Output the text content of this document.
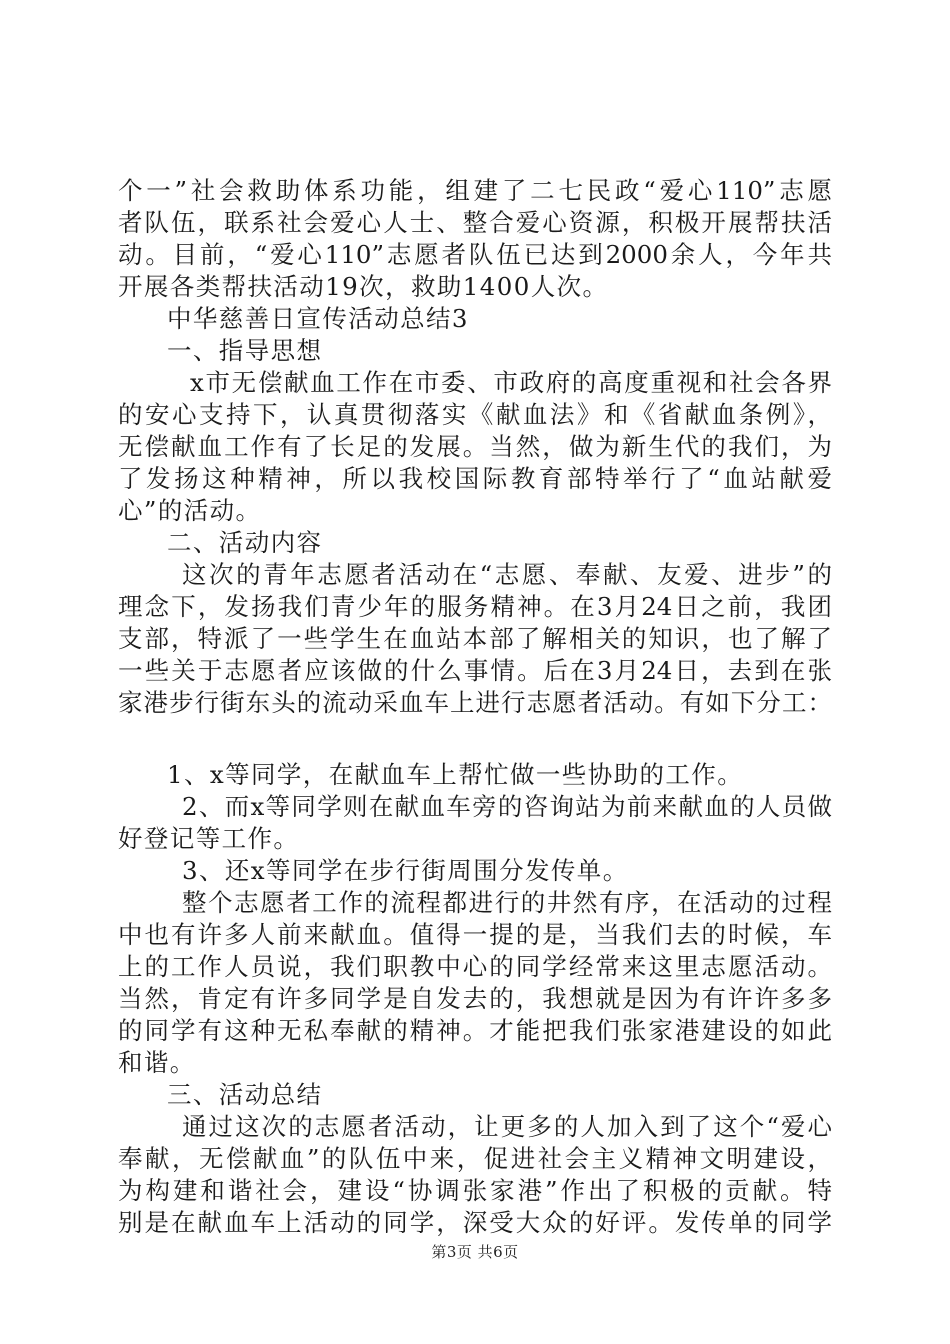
个一”社会救助体系功能，组建了二七民政“爱心110”志愿
者队伍，联系社会爱心人士、整合爱心资源，积极开展帮扶活
动。目前，“爱心110”志愿者队伍已达到2000余人，今年共
开展各类帮扶活动19次，救助1400人次。
中华慈善日宣传活动总结3
一、指导思想
x市无偿献血工作在市委、市政府的高度重视和社会各界
的安心支持下，认真贯彻落实《献血法》和《省献血条例》，
无偿献血工作有了长足的发展。当然，做为新生代的我们，为
了发扬这种精神，所以我校国际教育部特举行了“血站献爱
心”的活动。
二、活动内容
这次的青年志愿者活动在“志愿、奉献、友爱、进步”的
理念下，发扬我们青少年的服务精神。在3月24日之前，我团
支部，特派了一些学生在血站本部了解相关的知识，也了解了
一些关于志愿者应该做的什么事情。后在3月24日，去到在张
家港步行街东头的流动采血车上进行志愿者活动。有如下分工：
1、x等同学，在献血车上帮忙做一些协助的工作。
2、而x等同学则在献血车旁的咨询站为前来献血的人员做
好登记等工作。
3、还x等同学在步行街周围分发传单。
整个志愿者工作的流程都进行的井然有序，在活动的过程
中也有许多人前来献血。值得一提的是，当我们去的时候，车
上的工作人员说，我们职教中心的同学经常来这里志愿活动。
当然，肯定有许多同学是自发去的，我想就是因为有许许多多
的同学有这种无私奉献的精神。才能把我们张家港建设的如此
和谐。
三、活动总结
通过这次的志愿者活动，让更多的人加入到了这个“爱心
奉献，无偿献血”的队伍中来，促进社会主义精神文明建设，
为构建和谐社会，建设“协调张家港”作出了积极的贡献。特
别是在献血车上活动的同学，深受大众的好评。发传单的同学
第3页 共6页
